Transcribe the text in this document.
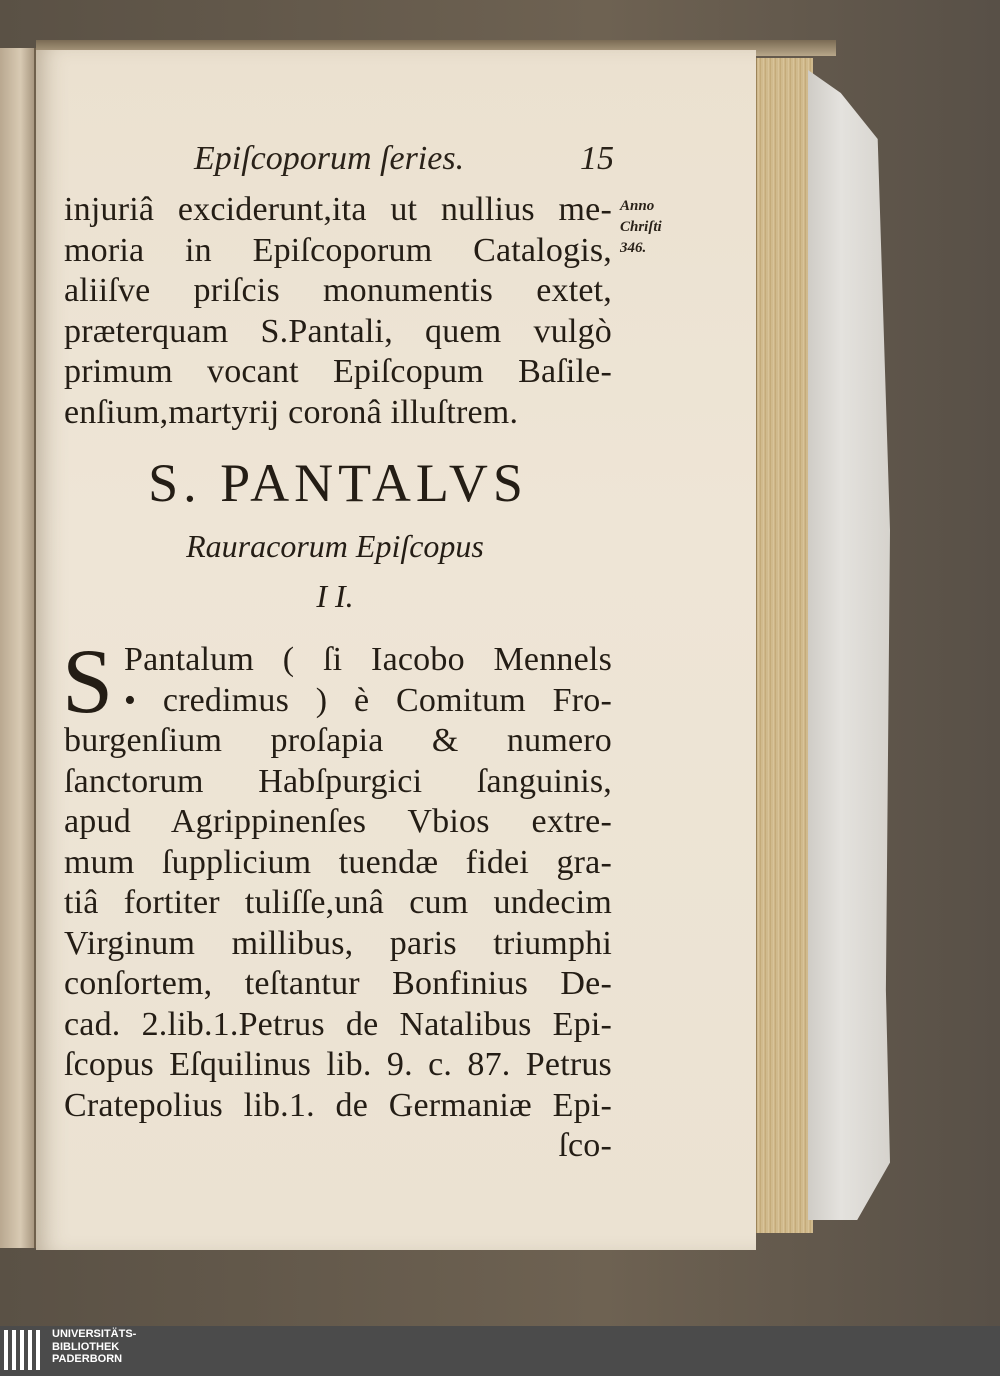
Epiſcoporum ſeries.	15
Anno
Chriſti
346.
injuriâ exciderunt,ita ut nullius me-
moria in Epiſcoporum Catalogis,
aliiſve priſcis monumentis extet,
præterquam S.Pantali, quem vulgò
primum vocant Epiſcopum Baſile-
enſium,martyrij coronâ illuſtrem.
S. PANTALVS
Rauracorum Epiſcopus
I I.
S Pantalum ( ſi Iacobo Mennels
• credimus ) è Comitum Fro-
burgenſium proſapia & numero
ſanctorum Habſpurgici ſanguinis,
apud Agrippinenſes Vbios extre-
mum ſupplicium tuendæ fidei gra-
tiâ fortiter tuliſſe,unâ cum undecim
Virginum millibus, paris triumphi
conſortem, teſtantur Bonfinius De-
cad. 2.lib.1.Petrus de Natalibus Epi-
ſcopus Eſquilinus lib. 9. c. 87. Petrus
Cratepolius lib.1. de Germaniæ Epi-
ſco-
UNIVERSITÄTS-
BIBLIOTHEK
PADERBORN
